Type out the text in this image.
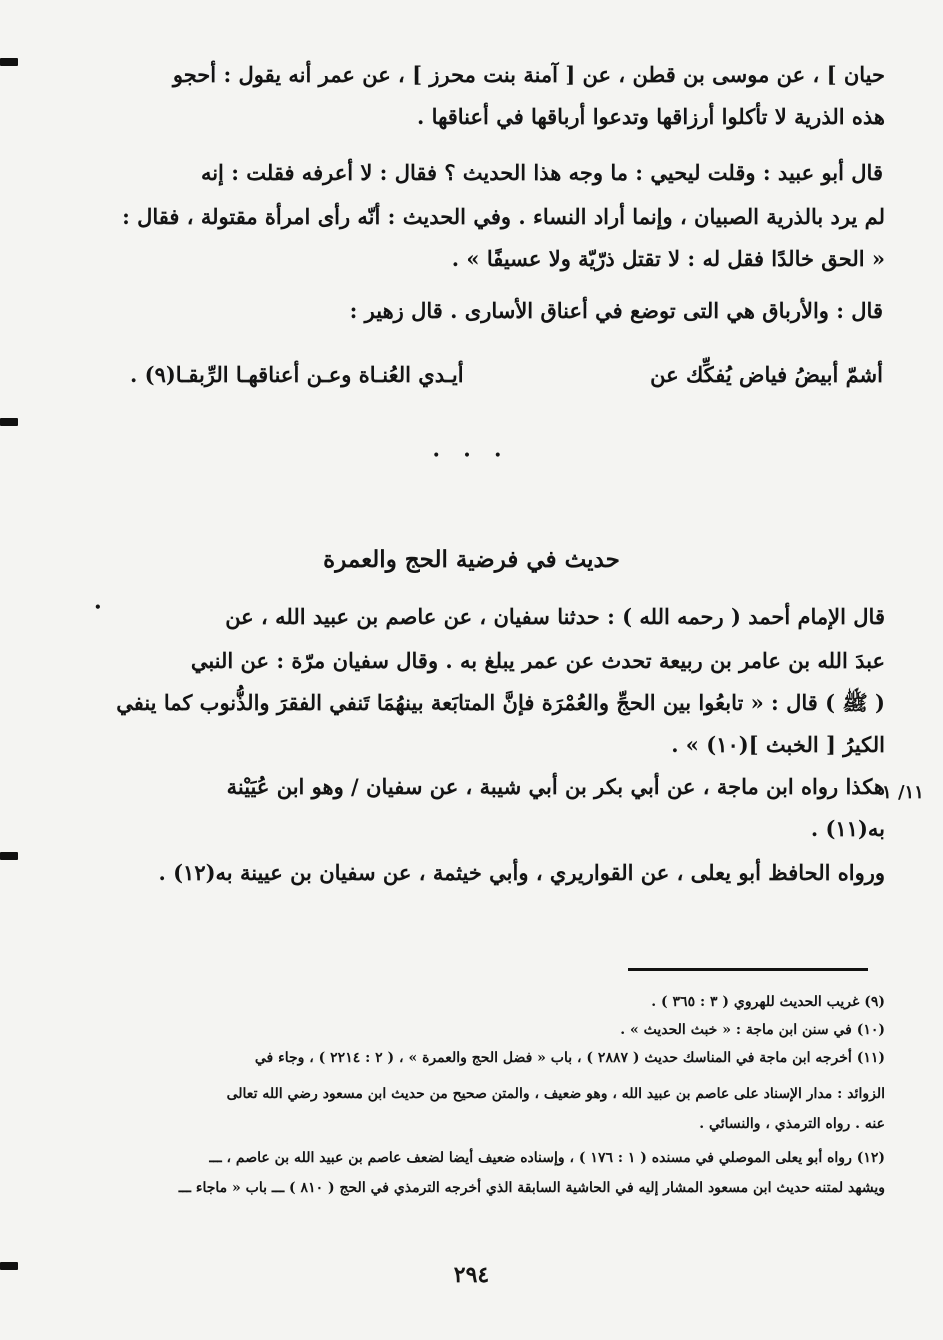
حيان ] ، عن موسى بن قطن ، عن [ آمنة بنت محرز ] ، عن عمر أنه يقول : أحجو
هذه الذرية لا تأكلوا أرزاقها وتدعوا أرباقها في أعناقها .
قال أبو عبيد : وقلت ليحيي : ما وجه هذا الحديث ؟ فقال : لا أعرفه فقلت : إنه
لم يرد بالذرية الصبيان ، وإنما أراد النساء . وفي الحديث : أنّه رأى امرأة مقتولة ، فقال :
« الحق خالدًا فقل له : لا تقتل ذرّيّة ولا عسيفًا » .
قال : والأرباق هي التى توضع في أعناق الأسارى . قال زهير :
أشمّ أبيضُ فياض يُفكِّك عن
أيـدي العُنـاة وعـن أعناقهـا الرِّبقـا(٩) .
• • •
حديث في فرضية الحج والعمرة
•	قال الإمام أحمد ( رحمه الله ) : حدثنا سفيان ، عن عاصم بن عبيد الله ، عن
عبدَ الله بن عامر بن ربيعة تحدث عن عمر يبلغ به . وقال سفيان مرّة : عن النبي
( ﷺ ) قال : « تابعُوا بين الحجِّ والعُمْرَة فإنَّ المتابَعة بينهُمَا تَنفي الفقرَ والذُّنوب كما ينفي
الكيرُ [ الخبث ](١٠) » .
هكذا رواه ابن ماجة ، عن أبي بكر بن أبي شيبة ، عن سفيان / وهو ابن عُيَيْنة
به(١١) .
ورواه الحافظ أبو يعلى ، عن القواريري ، وأبي خيثمة ، عن سفيان بن عيينة به(١٢) .
١١/ ١
(٩) غريب الحديث للهروي ( ٣ : ٣٦٥ ) .
(١٠) في سنن ابن ماجة : « خبث الحديث » .
(١١) أخرجه ابن ماجة في المناسك حديث ( ٢٨٨٧ ) ، باب « فضل الحج والعمرة » ، ( ٢ : ٢٢١٤ ) ، وجاء في
الزوائد : مدار الإسناد على عاصم بن عبيد الله ، وهو ضعيف ، والمتن صحيح من حديث ابن مسعود رضي الله تعالى
عنه . رواه الترمذي ، والنسائي .
(١٢) رواه أبو يعلى الموصلي في مسنده ( ١ : ١٧٦ ) ، وإسناده ضعيف أيضا لضعف عاصم بن عبيد الله بن عاصم ، ـــ
ويشهد لمتنه حديث ابن مسعود المشار إليه في الحاشية السابقة الذي أخرجه الترمذي في الحج ( ٨١٠ ) ـــ باب « ماجاء ـــ
٢٩٤
